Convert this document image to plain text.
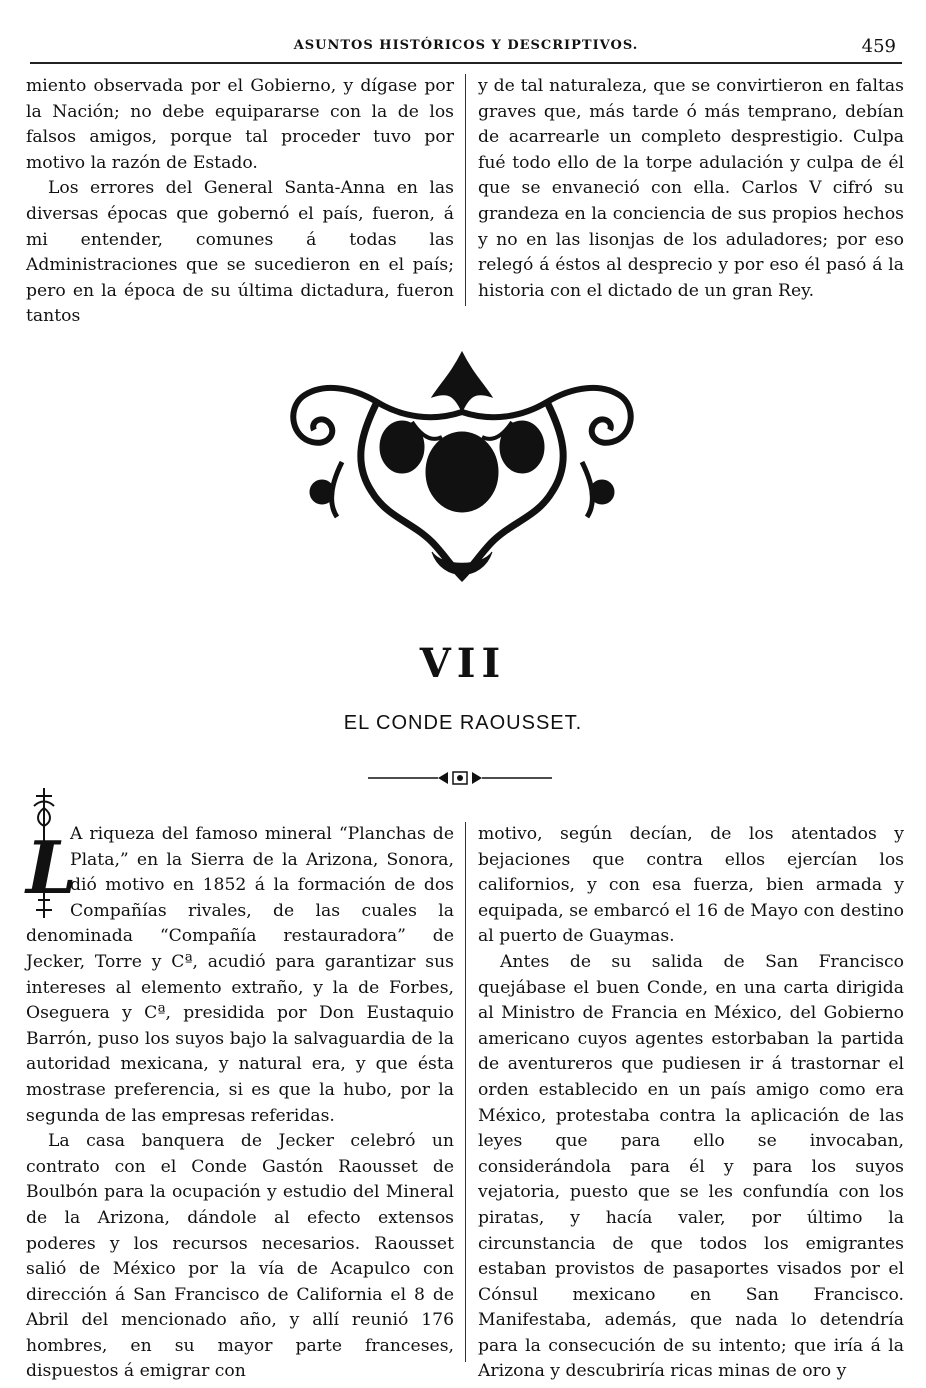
ASUNTOS HISTÓRICOS Y DESCRIPTIVOS.	459

miento observada por el Gobierno, y dígase por la Nación; no debe equipararse con la de los falsos amigos, porque tal proceder tuvo por motivo la razón de Estado.

Los errores del General Santa-Anna en las diversas épocas que gobernó el país, fueron, á mi entender, comunes á todas las Administraciones que se sucedieron en el país; pero en la época de su última dictadura, fueron tantos

y de tal naturaleza, que se convirtieron en faltas graves que, más tarde ó más temprano, debían de acarrearle un completo desprestigio. Culpa fué todo ello de la torpe adulación y culpa de él que se envaneció con ella. Carlos V cifró su grandeza en la conciencia de sus propios hechos y no en las lisonjas de los aduladores; por eso relegó á éstos al desprecio y por eso él pasó á la historia con el dictado de un gran Rey.

VII
EL CONDE RAOUSSET.

L
A riqueza del famoso mineral “Planchas de Plata,” en la Sierra de la Arizona, Sonora, dió motivo en 1852 á la formación de dos Compañías rivales, de las cuales la denominada “Compañía restauradora” de Jecker, Torre y Cª, acudió para garantizar sus intereses al elemento extraño, y la de Forbes, Oseguera y Cª, presidida por Don Eustaquio Barrón, puso los suyos bajo la salvaguardia de la autoridad mexicana, y natural era, y que ésta mostrase preferencia, si es que la hubo, por la segunda de las empresas referidas.

La casa banquera de Jecker celebró un contrato con el Conde Gastón Raousset de Boulbón para la ocupación y estudio del Mineral de la Arizona, dándole al efecto extensos poderes y los recursos necesarios. Raousset salió de México por la vía de Acapulco con dirección á San Francisco de California el 8 de Abril del mencionado año, y allí reunió 176 hombres, en su mayor parte franceses, dispuestos á emigrar con

motivo, según decían, de los atentados y bejaciones que contra ellos ejercían los californios, y con esa fuerza, bien armada y equipada, se embarcó el 16 de Mayo con destino al puerto de Guaymas.

Antes de su salida de San Francisco quejábase el buen Conde, en una carta dirigida al Ministro de Francia en México, del Gobierno americano cuyos agentes estorbaban la partida de aventureros que pudiesen ir á trastornar el orden establecido en un país amigo como era México, protestaba contra la aplicación de las leyes que para ello se invocaban, considerándola para él y para los suyos vejatoria, puesto que se les confundía con los piratas, y hacía valer, por último la circunstancia de que todos los emigrantes estaban provistos de pasaportes visados por el Cónsul mexicano en San Francisco. Manifestaba, además, que nada lo detendría para la consecución de su intento; que iría á la Arizona y descubriría ricas minas de oro y
